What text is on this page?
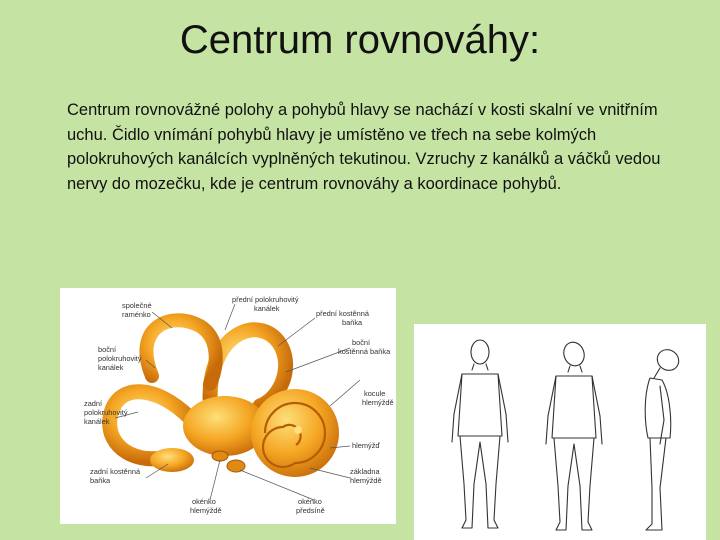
Centrum rovnováhy:
Centrum rovnovážné polohy a pohybů hlavy se nachází v kosti skalní ve vnitřním uchu. Čidlo vnímání pohybů hlavy je umístěno ve třech na sebe kolmých polokruhových kanálcích vyplněných tekutinou. Vzruchy z kanálků a váčků vedou nervy do mozečku, kde je centrum rovnováhy a koordinace pohybů.
společné
raménko
přední polokruhovitý
kanálek
přední kostěnná
baňka
boční
polokruhovitý
kanálek
boční
kostěnná baňka
zadní
polokruhovitý
kanálek
kocule
hlemýždě
zadní kostěnná
baňka
hlemýžď
základna
hlemýždě
okénko
hlemýždě
okénko
předsíně
